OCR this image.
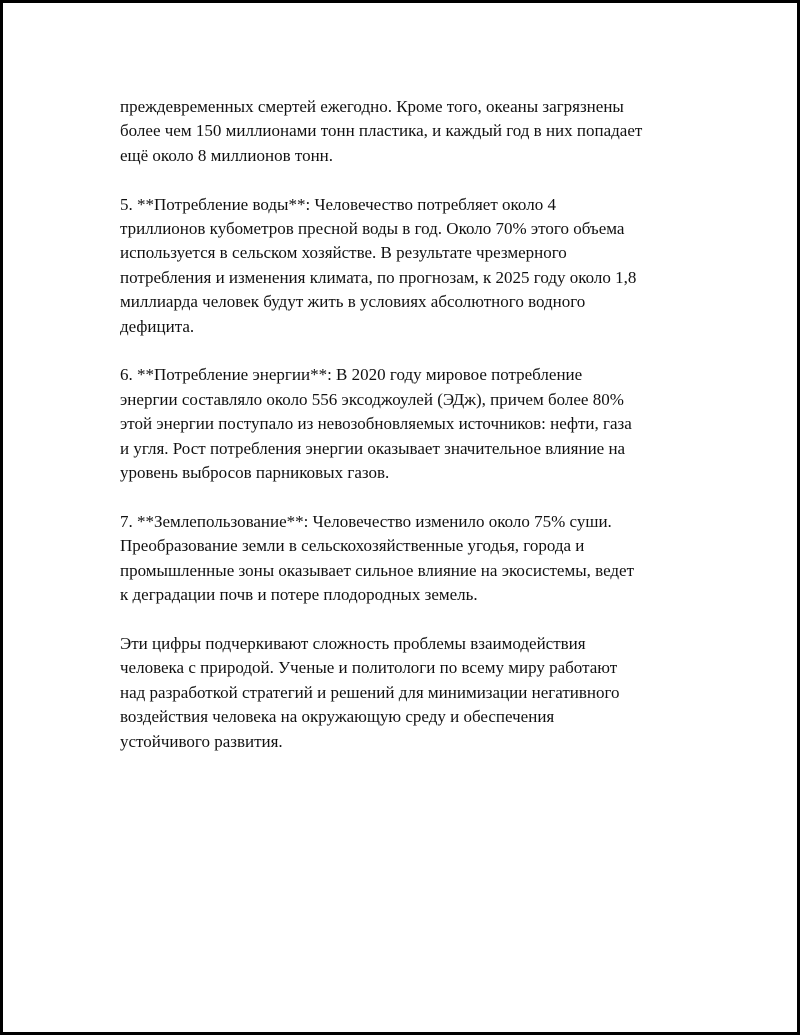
преждевременных смертей ежегодно. Кроме того, океаны загрязнены
более чем 150 миллионами тонн пластика, и каждый год в них попадает
ещё около 8 миллионов тонн.

5. **Потребление воды**: Человечество потребляет около 4
триллионов кубометров пресной воды в год. Около 70% этого объема
используется в сельском хозяйстве. В результате чрезмерного
потребления и изменения климата, по прогнозам, к 2025 году около 1,8
миллиарда человек будут жить в условиях абсолютного водного
дефицита.

6. **Потребление энергии**: В 2020 году мировое потребление
энергии составляло около 556 эксоджоулей (ЭДж), причем более 80%
этой энергии поступало из невозобновляемых источников: нефти, газа
и угля. Рост потребления энергии оказывает значительное влияние на
уровень выбросов парниковых газов.

7. **Землепользование**: Человечество изменило около 75% суши.
Преобразование земли в сельскохозяйственные угодья, города и
промышленные зоны оказывает сильное влияние на экосистемы, ведет
к деградации почв и потере плодородных земель.

Эти цифры подчеркивают сложность проблемы взаимодействия
человека с природой. Ученые и политологи по всему миру работают
над разработкой стратегий и решений для минимизации негативного
воздействия человека на окружающую среду и обеспечения
устойчивого развития.
